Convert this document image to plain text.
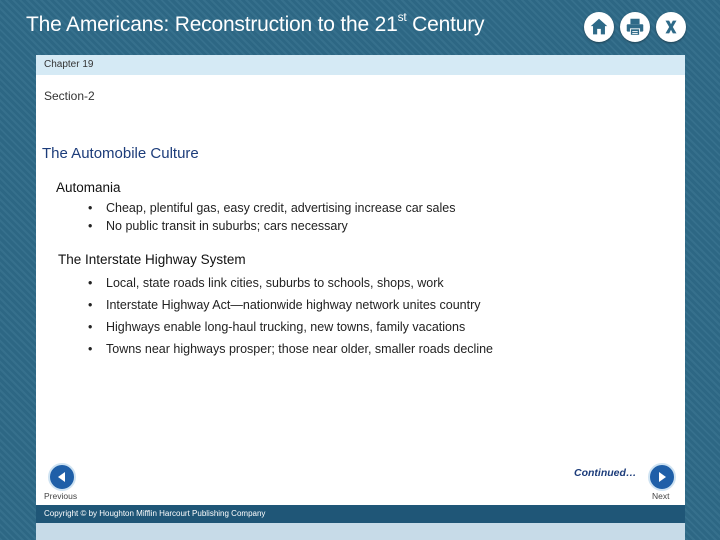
The Americans: Reconstruction to the 21st Century
Chapter 19
Section-2
The Automobile Culture
Automania
• Cheap, plentiful gas, easy credit, advertising increase car sales
• No public transit in suburbs; cars necessary
The Interstate Highway System
• Local, state roads link cities, suburbs to schools, shops, work
• Interstate Highway Act—nationwide highway network unites country
• Highways enable long-haul trucking, new towns, family vacations
• Towns near highways prosper; those near older, smaller roads decline
Continued…
Previous	Next
Copyright © by Houghton Mifflin Harcourt Publishing Company
